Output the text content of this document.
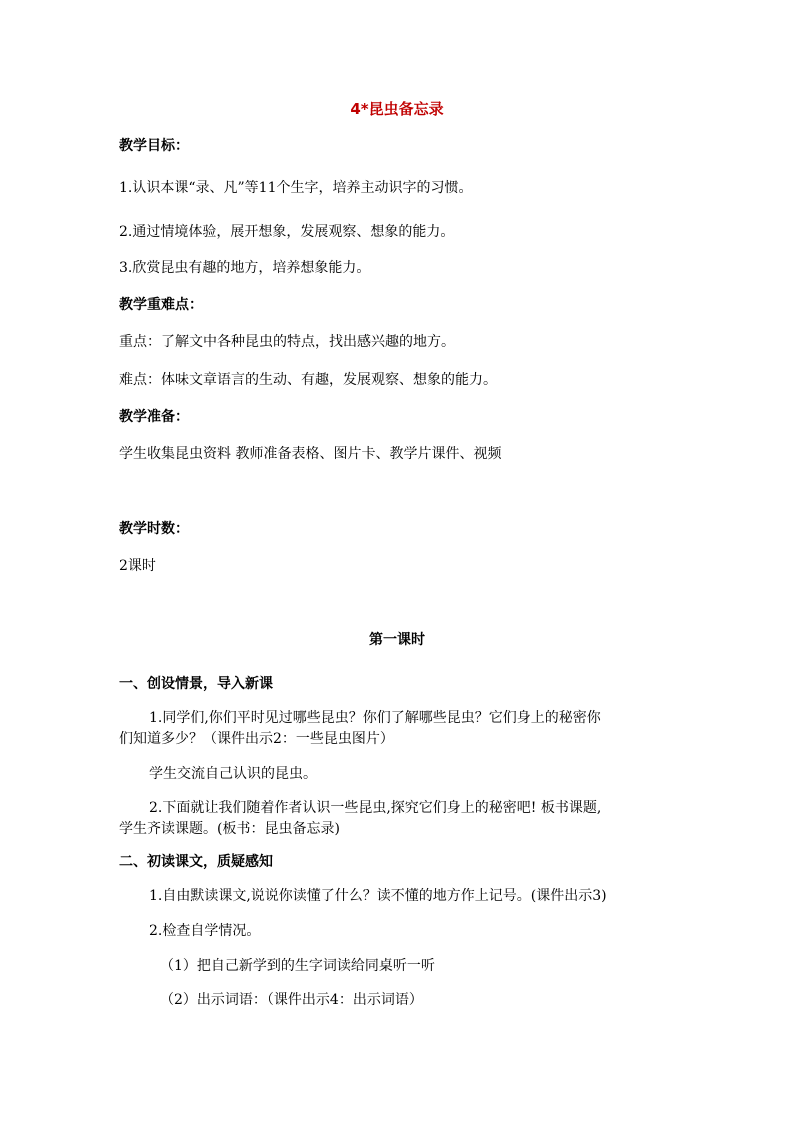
4*昆虫备忘录
教学目标：
1.认识本课“录、凡”等11个生字，培养主动识字的习惯。
2.通过情境体验，展开想象，发展观察、想象的能力。
3.欣赏昆虫有趣的地方，培养想象能力。
教学重难点：
重点：了解文中各种昆虫的特点，找出感兴趣的地方。
难点：体味文章语言的生动、有趣，发展观察、想象的能力。
教学准备：
学生收集昆虫资料 教师准备表格、图片卡、教学片课件、视频
教学时数：
2课时
第一课时
一、创设情景，导入新课
1.同学们,你们平时见过哪些昆虫？你们了解哪些昆虫？它们身上的秘密你
们知道多少？（课件出示2：一些昆虫图片）
学生交流自己认识的昆虫。
2.下面就让我们随着作者认识一些昆虫,探究它们身上的秘密吧! 板书课题,
学生齐读课题。(板书：昆虫备忘录)
二、初读课文，质疑感知
1.自由默读课文,说说你读懂了什么？读不懂的地方作上记号。(课件出示3)
2.检查自学情况。
（1）把自己新学到的生字词读给同桌听一听
（2）出示词语：（课件出示4：出示词语）
